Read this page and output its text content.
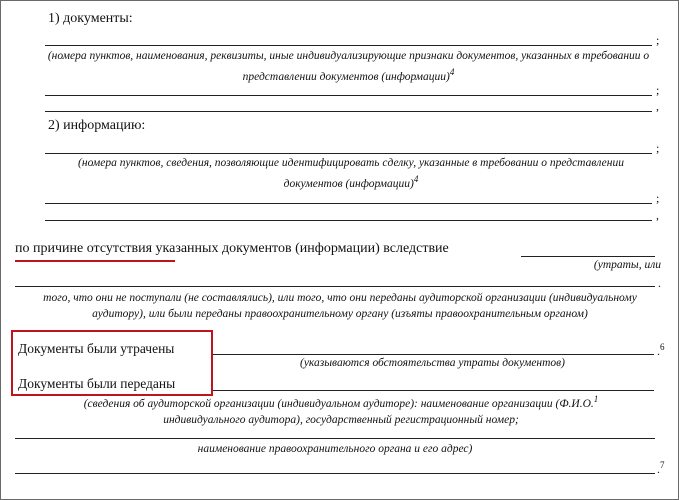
1) документы:
;
(номера пунктов, наименования, реквизиты, иные индивидуализирующие признаки документов, указанных в требовании о представлении документов (информации)$^4$
;
,
2) информацию:
;
(номера пунктов, сведения, позволяющие идентифицировать сделку, указанные в требовании о представлении документов (информации)$^4$
;
,
по причине отсутствия указанных документов (информации) вследствие
(утраты, или
.
того, что они не поступали (не составлялись), или того, что они переданы аудиторской организации (индивидуальному аудитору), или были переданы правоохранительному органу (изъяты правоохранительным органом)
.$^6$
(указываются обстоятельства утраты документов)
(сведения об аудиторской организации (индивидуальном аудиторе): наименование организации (Ф.И.О.$^1$
индивидуального аудитора), государственный регистрационный номер;
наименование правоохранительного органа и его адрес)
.$^7$
Документы были утрачены
Документы были переданы
